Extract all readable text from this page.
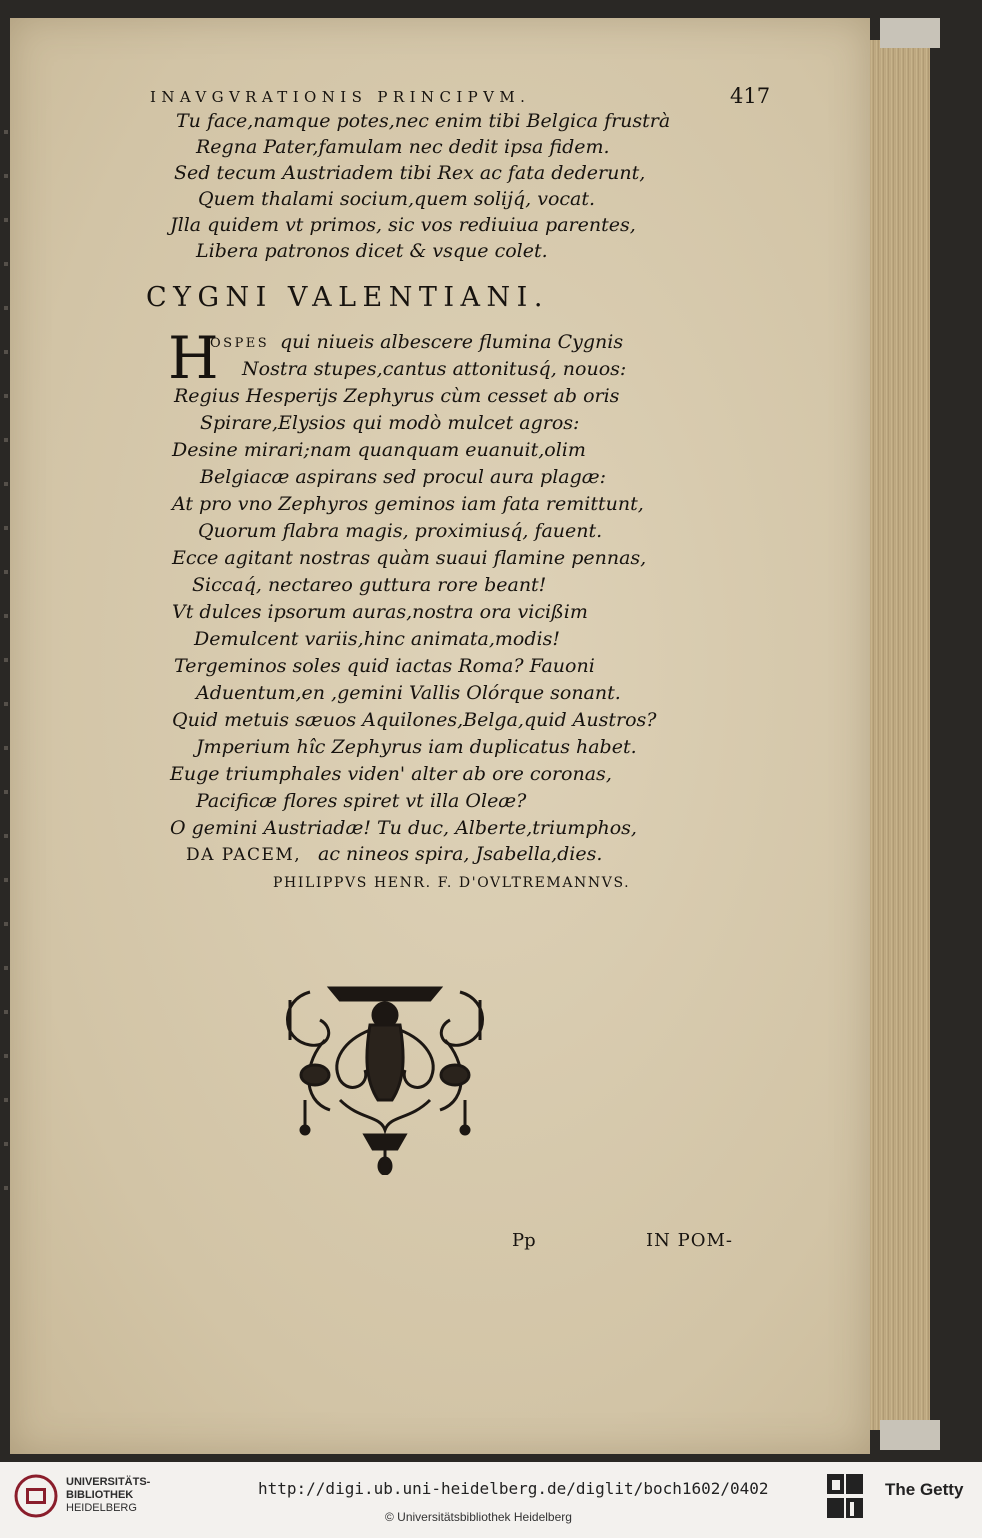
INAVGVRATIONIS PRINCIPVM.	417
Tu face,namque potes,nec enim tibi Belgica frustrà
Regna Pater,famulam nec dedit ipsa fidem.
Sed tecum Austriadem tibi Rex ac fata dederunt,
Quem thalami socium,quem solijq́, vocat.
Jlla quidem vt primos, sic vos rediuiua parentes,
Libera patronos dicet & vsque colet.
CYGNI VALENTIANI.
H
OSPES qui niueis albescere flumina Cygnis
Nostra stupes,cantus attonitusq́, nouos:
Regius Hesperijs Zephyrus cùm cesset ab oris
Spirare,Elysios qui modò mulcet agros:
Desine mirari;nam quanquam euanuit,olim
Belgiacæ aspirans sed procul aura plagæ:
At pro vno Zephyros geminos iam fata remittunt,
Quorum flabra magis, proximiusq́, fauent.
Ecce agitant nostras quàm suaui flamine pennas,
Siccaq́, nectareo guttura rore beant!
Vt dulces ipsorum auras,nostra ora vicißim
Demulcent variis,hinc animata,modis!
Tergeminos soles quid iactas Roma? Fauoni
Aduentum,en ,gemini Vallis Olórque sonant.
Quid metuis sæuos Aquilones,Belga,quid Austros?
Jmperium hîc Zephyrus iam duplicatus habet.
Euge triumphales viden' alter ab ore coronas,
Pacificæ flores spiret vt illa Oleæ?
O gemini Austriadæ! Tu duc, Alberte,triumphos,
DA PACEM, ac nineos spira, Jsabella,dies.
PHILIPPVS HENR. F. D'OVLTREMANNVS.
Pp	IN POM-
UNIVERSITÄTS-
BIBLIOTHEK
HEIDELBERG
http://digi.ub.uni-heidelberg.de/diglit/boch1602/0402
© Universitätsbibliothek Heidelberg
The Getty
